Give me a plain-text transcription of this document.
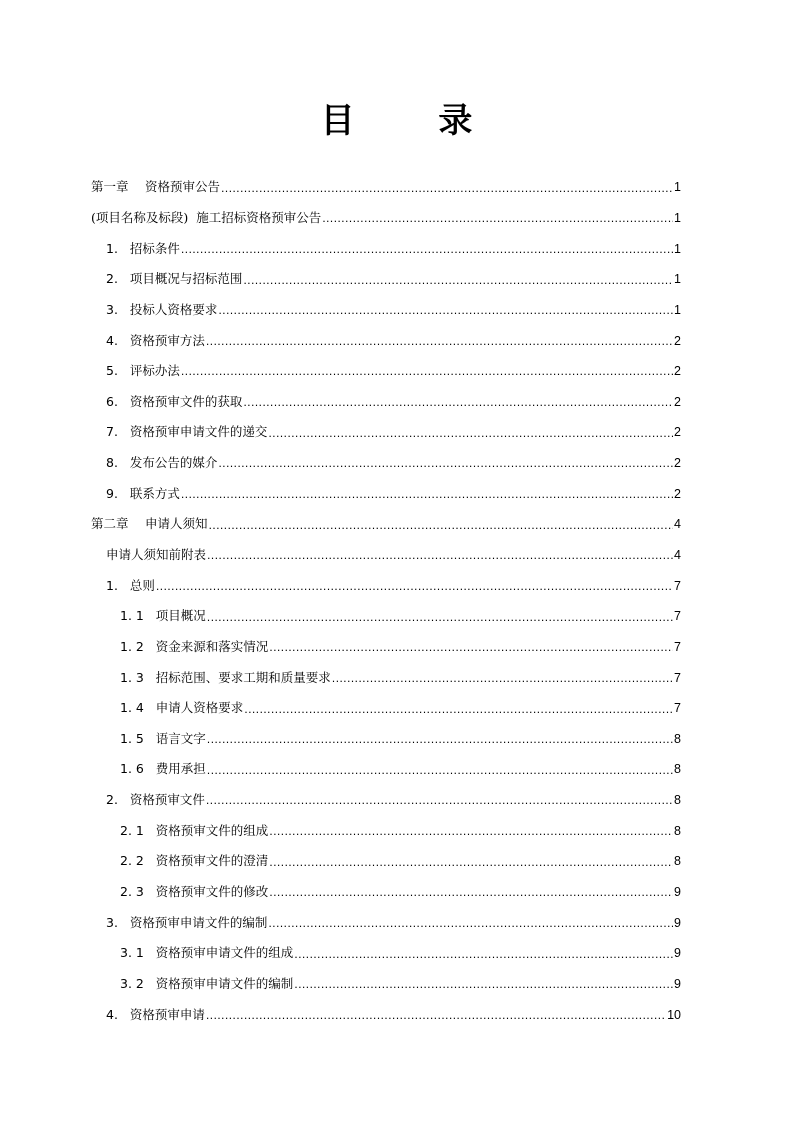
目 录
第一章　 资格预审公告 .....	1
(项目名称及标段)  施工招标资格预审公告 .....	1
1.   招标条件 .....	1
2.   项目概况与招标范围 .....	1
3.   投标人资格要求 .....	1
4.   资格预审方法 .....	2
5.   评标办法 .....	2
6.   资格预审文件的获取 .....	2
7.   资格预审申请文件的递交 .....	2
8.   发布公告的媒介 .....	2
9.   联系方式 .....	2
第二章　 申请人须知 .....	4
申请人须知前附表 .....	4
1.   总则 .....	7
1. 1   项目概况 .....	7
1. 2   资金来源和落实情况 .....	7
1. 3   招标范围、要求工期和质量要求 .....	7
1. 4   申请人资格要求 .....	7
1. 5   语言文字 .....	8
1. 6   费用承担 .....	8
2.   资格预审文件 .....	8
2. 1   资格预审文件的组成 .....	8
2. 2   资格预审文件的澄清 .....	8
2. 3   资格预审文件的修改 .....	9
3.   资格预审申请文件的编制 .....	9
3. 1   资格预审申请文件的组成 .....	9
3. 2   资格预审申请文件的编制 .....	9
4.   资格预审申请 .....	10
